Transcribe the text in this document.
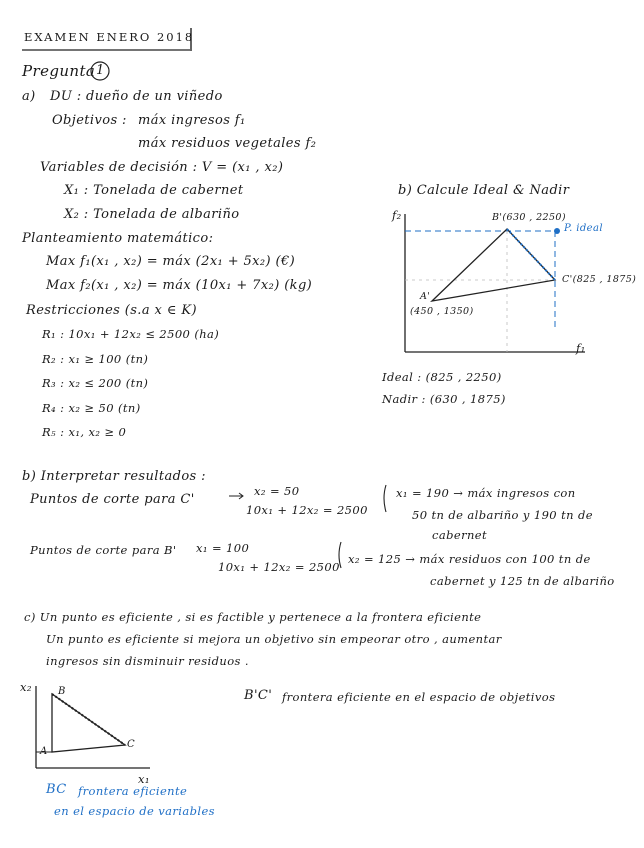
EXAMEN ENERO 2018
Pregunta 1
a) DU : dueño de un viñedo
Objetivos : máx ingresos f₁
máx residuos vegetales f₂
Variables de decisión : V = (x₁ , x₂)
X₁ : Tonelada de cabernet
X₂ : Tonelada de albariño
Planteamiento matemático:
Max f₁(x₁ , x₂) = máx (2x₁ + 5x₂) (€)
Max f₂(x₁ , x₂) = máx (10x₁ + 7x₂) (kg)
Restricciones (s.a x ∈ K)
R₁ : 10x₁ + 12x₂ ≤ 2500 (ha)
R₂ : x₁ ≥ 100 (tn)
R₃ : x₂ ≤ 200 (tn)
R₄ : x₂ ≥ 50 (tn)
R₅ : x₁, x₂ ≥ 0
b) Calcule Ideal & Nadir
f₂
f₁
B'(630 , 2250)
C'(825 , 1875)
A'
(450 , 1350)
P. ideal
Ideal : (825 , 2250)
Nadir : (630 , 1875)
b) Interpretar resultados :
Puntos de corte para C'
x₂ = 50
10x₁ + 12x₂ = 2500
x₁ = 190 → máx ingresos con
50 tn de albariño y 190 tn de
cabernet
Puntos de corte para B' x₁ = 100
10x₁ + 12x₂ = 2500
x₂ = 125 → máx residuos con 100 tn de
cabernet y 125 tn de albariño
c) Un punto es eficiente , si es factible y pertenece a la frontera eficiente
Un punto es eficiente si mejora un objetivo sin empeorar otro , aumentar
ingresos sin disminuir residuos .
B'C' frontera eficiente en el espacio de objetivos
x₂
x₁
B
A
C
BC frontera eficiente
en el espacio de variables
